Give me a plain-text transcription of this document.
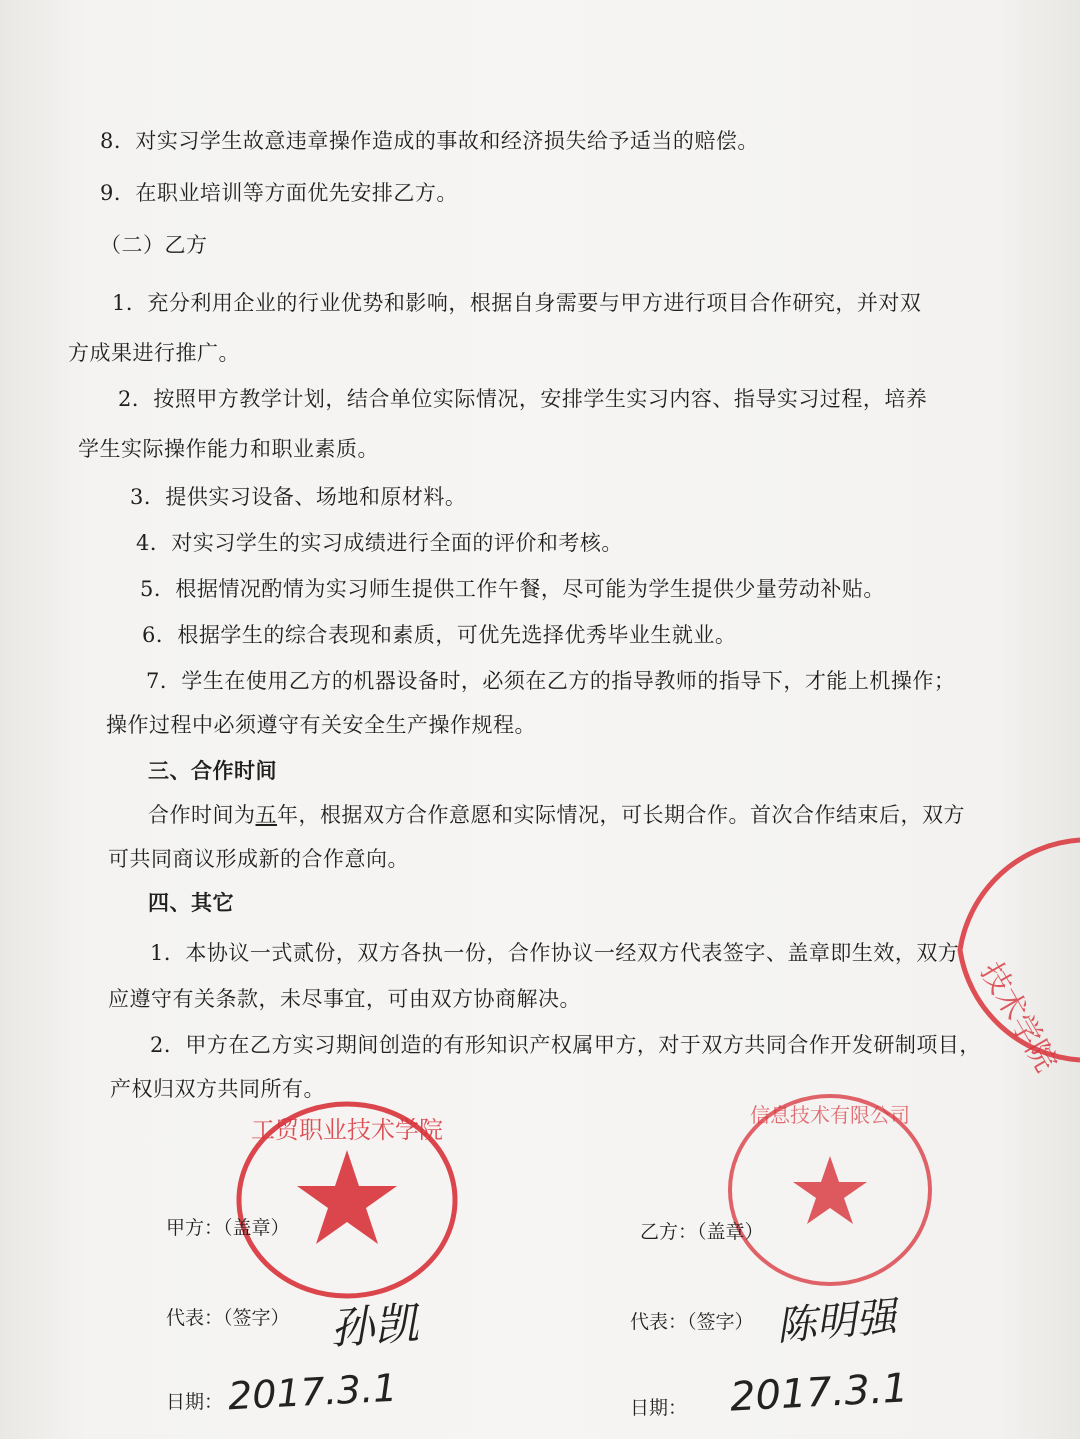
8．对实习学生故意违章操作造成的事故和经济损失给予适当的赔偿。
9．在职业培训等方面优先安排乙方。
（二）乙方
1．充分利用企业的行业优势和影响，根据自身需要与甲方进行项目合作研究，并对双
方成果进行推广。
2．按照甲方教学计划，结合单位实际情况，安排学生实习内容、指导实习过程，培养
学生实际操作能力和职业素质。
3．提供实习设备、场地和原材料。
4．对实习学生的实习成绩进行全面的评价和考核。
5．根据情况酌情为实习师生提供工作午餐，尽可能为学生提供少量劳动补贴。
6．根据学生的综合表现和素质，可优先选择优秀毕业生就业。
7．学生在使用乙方的机器设备时，必须在乙方的指导教师的指导下，才能上机操作；
操作过程中必须遵守有关安全生产操作规程。
三、合作时间
合作时间为五年，根据双方合作意愿和实际情况，可长期合作。首次合作结束后，双方
可共同商议形成新的合作意向。
四、其它
1．本协议一式贰份，双方各执一份，合作协议一经双方代表签字、盖章即生效，双方
应遵守有关条款，未尽事宜，可由双方协商解决。
2．甲方在乙方实习期间创造的有形知识产权属甲方，对于双方共同合作开发研制项目，
产权归双方共同所有。
技术学院
工贸职业技术学院
信息技术有限公司
甲方：（盖章）
代表：（签字） 孙凯
日期： 2017.3.1
乙方：（盖章）
代表：（签字） 陈明强
日期： 2017.3.1
